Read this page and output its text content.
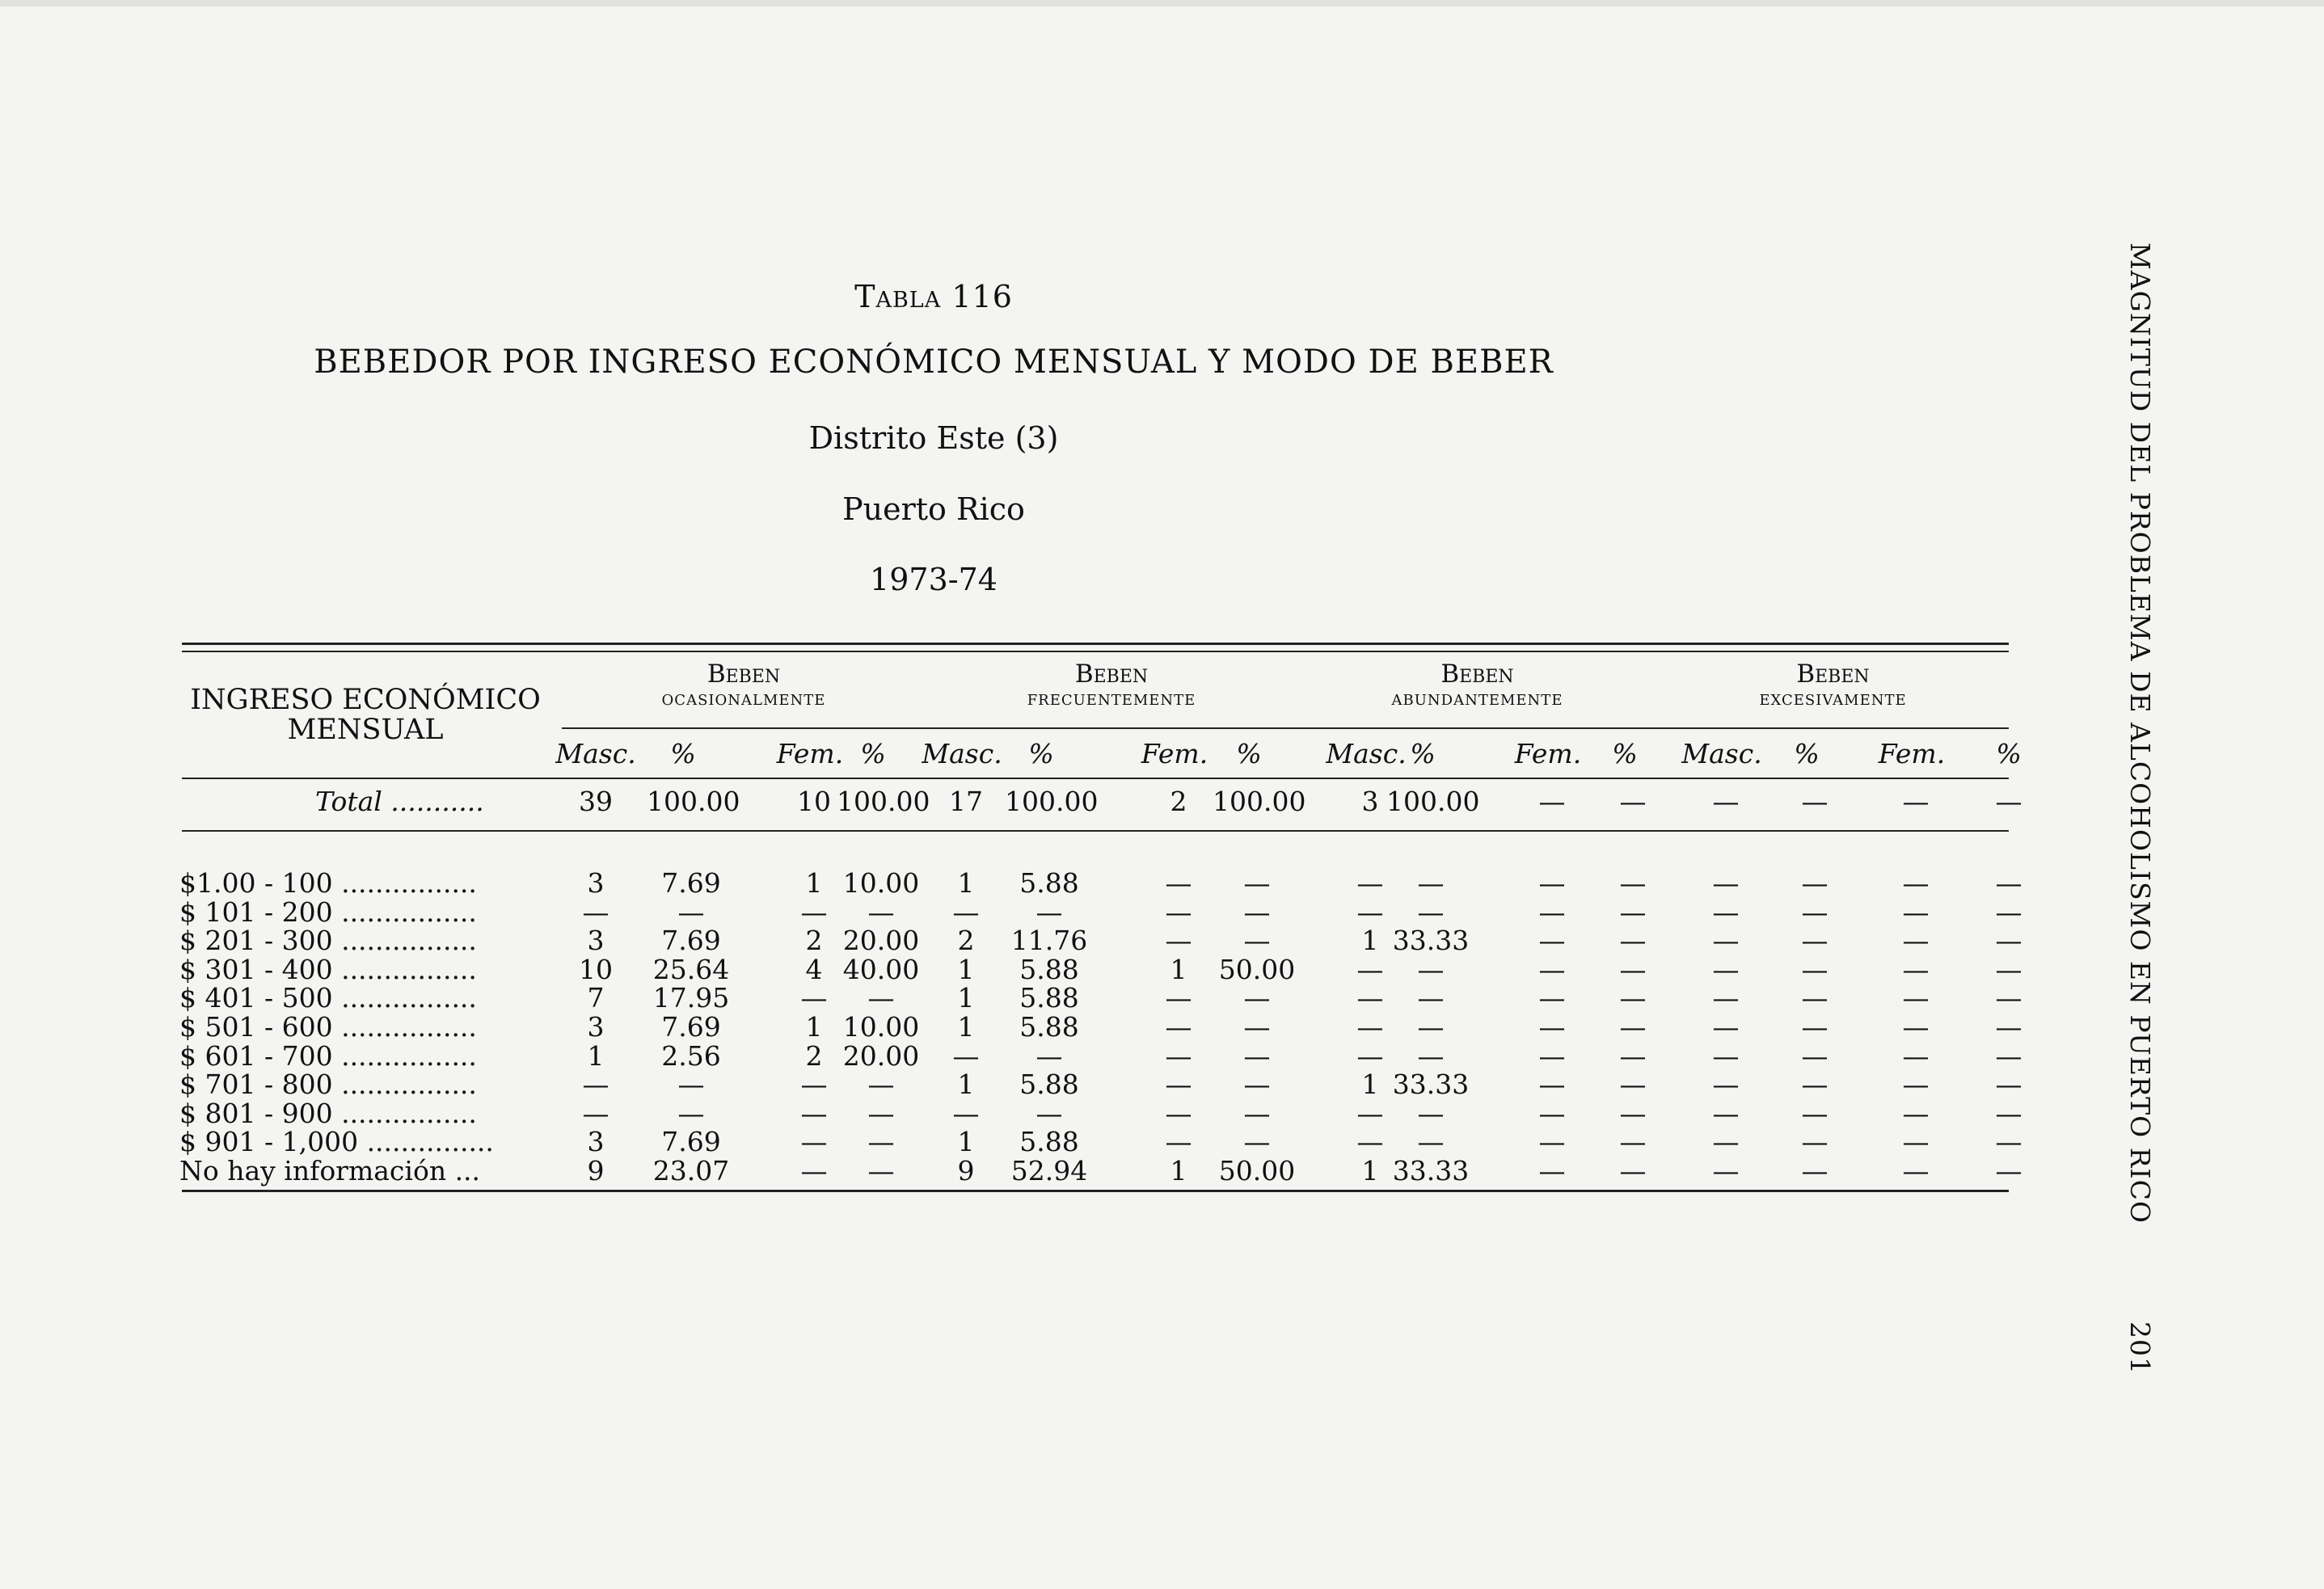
Tabla 116
BEBEDOR POR INGRESO ECONÓMICO MENSUAL Y MODO DE BEBER
Distrito Este (3)
Puerto Rico
1973-74
INGRESO ECONÓMICO
MENSUAL
Beben
ocasionalmente
Beben
frecuentemente
Beben
abundantemente
Beben
excesivamente
Masc.	%	Fem. %	Masc. %	Fem.	%	Masc. %	Fem.	%	Masc.	%	Fem.	%
Total ...........	39 100.00 10 100.00 17 100.00	2 100.00	3 100.00	—	—	—	—	—	—
$1.00 - 100 ................	3	7.69	1 10.00	1	5.88	—	—	—	—	—	—	—	—	—	—
$ 101 - 200 ................	—	—	—	—	—	—	—	—	—	—	—	—	—	—	—	—
$ 201 - 300 ................	3	7.69	2 20.00	2	11.76	—	—	1 33.33	—	—	—	—	—	—
$ 301 - 400 ................	10 25.64	4 40.00	1	5.88	1	50.00	—	—	—	—	—	—	—	—
$ 401 - 500 ................	7	17.95	—	—	1	5.88	—	—	—	—	—	—	—	—	—	—
$ 501 - 600 ................	3	7.69	1 10.00	1	5.88	—	—	—	—	—	—	—	—	—	—
$ 601 - 700 ................	1	2.56	2 20.00	—	—	—	—	—	—	—	—	—	—	—	—
$ 701 - 800 ................	—	—	—	—	1	5.88	—	—	1 33.33	—	—	—	—	—	—
$ 801 - 900 ................	—	—	—	—	—	—	—	—	—	—	—	—	—	—	—	—
$ 901 - 1,000 ...............	3	7.69	—	—	1	5.88	—	—	—	—	—	—	—	—	—	—
No hay información ...	9	23.07	—	—	9	52.94	1	50.00	1 33.33	—	—	—	—	—	—	MAGNITUD DEL PROBLEMA DE ALCOHOLISMO EN PUERTO RICO
201
